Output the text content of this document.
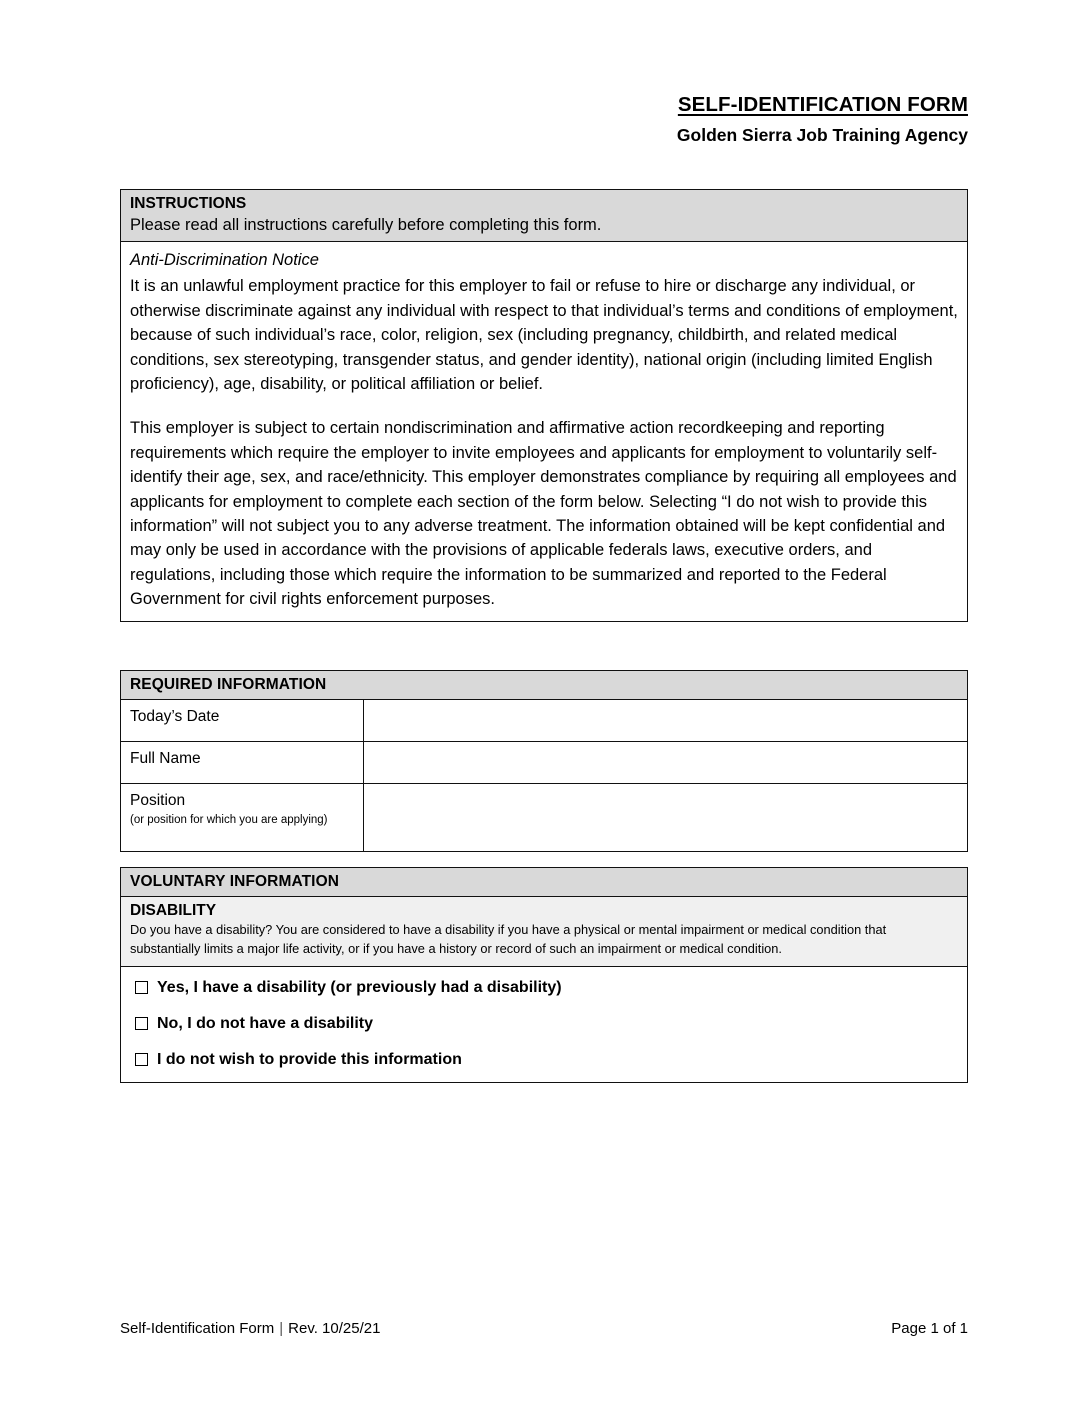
SELF-IDENTIFICATION FORM
Golden Sierra Job Training Agency
INSTRUCTIONS
Please read all instructions carefully before completing this form.

Anti-Discrimination Notice

It is an unlawful employment practice for this employer to fail or refuse to hire or discharge any individual, or otherwise discriminate against any individual with respect to that individual’s terms and conditions of employment, because of such individual’s race, color, religion, sex (including pregnancy, childbirth, and related medical conditions, sex stereotyping, transgender status, and gender identity), national origin (including limited English proficiency), age, disability, or political affiliation or belief.

This employer is subject to certain nondiscrimination and affirmative action recordkeeping and reporting requirements which require the employer to invite employees and applicants for employment to voluntarily self-identify their age, sex, and race/ethnicity. This employer demonstrates compliance by requiring all employees and applicants for employment to complete each section of the form below. Selecting “I do not wish to provide this information” will not subject you to any adverse treatment. The information obtained will be kept confidential and may only be used in accordance with the provisions of applicable federals laws, executive orders, and regulations, including those which require the information to be summarized and reported to the Federal Government for civil rights enforcement purposes.

REQUIRED INFORMATION
Today’s Date	
Full Name	
Position
(or position for which you are applying)	

VOLUNTARY INFORMATION
DISABILITY

Do you have a disability? You are considered to have a disability if you have a physical or mental impairment or medical condition that substantially limits a major life activity, or if you have a history or record of such an impairment or medical condition.

Yes, I have a disability (or previously had a disability)
No, I do not have a disability
I do not wish to provide this information
Self-Identification Form | Rev. 10/25/21	Page 1 of 1
